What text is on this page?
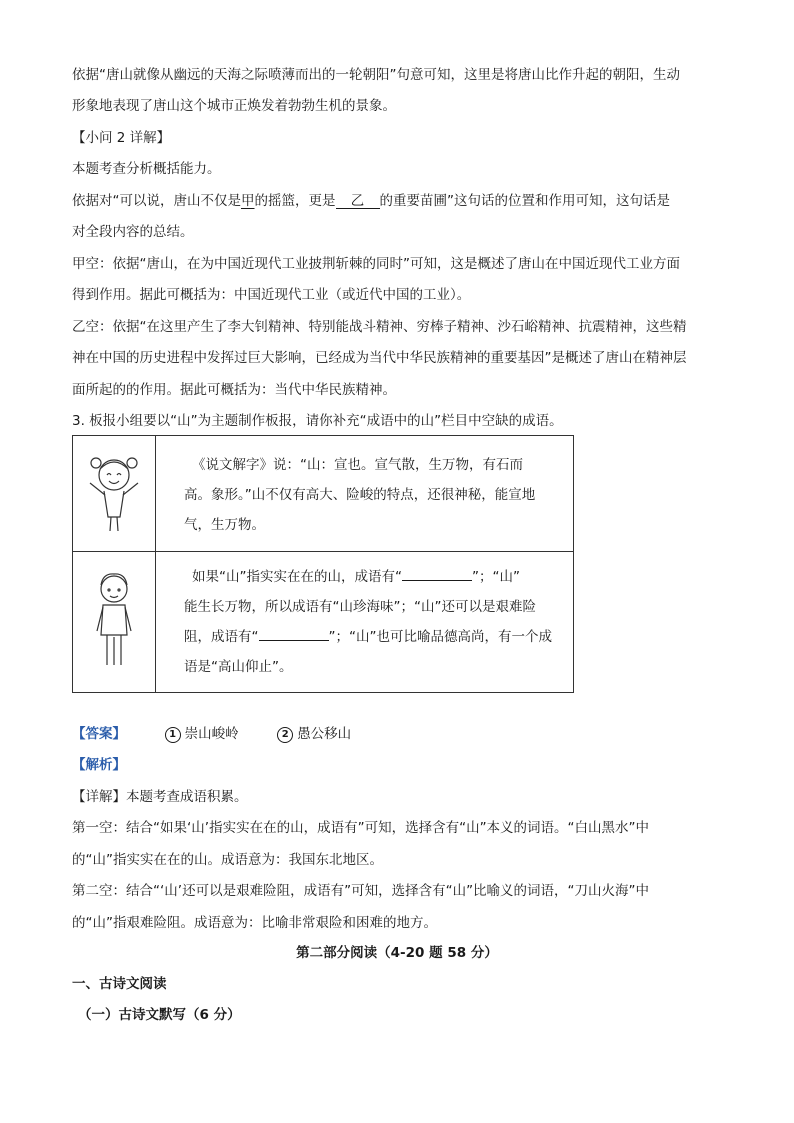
依据“唐山就像从幽远的天海之际喷薄而出的一轮朝阳”句意可知，这里是将唐山比作升起的朝阳，生动
形象地表现了唐山这个城市正焕发着勃勃生机的景象。
【小问 2 详解】
本题考查分析概括能力。
依据对“可以说，唐山不仅是甲的摇篮，更是 乙 的重要苗圃”这句话的位置和作用可知，这句话是
对全段内容的总结。
甲空：依据“唐山，在为中国近现代工业披荆斩棘的同时”可知，这是概述了唐山在中国近现代工业方面
得到作用。据此可概括为：中国近现代工业（或近代中国的工业）。
乙空：依据“在这里产生了李大钊精神、特别能战斗精神、穷棒子精神、沙石峪精神、抗震精神，这些精
神在中国的历史进程中发挥过巨大影响，已经成为当代中华民族精神的重要基因”是概述了唐山在精神层
面所起的的作用。据此可概括为：当代中华民族精神。
3. 板报小组要以“山”为主题制作板报，请你补充“成语中的山”栏目中空缺的成语。

《说文解字》说：“山：宣也。宣气散，生万物，有石而
高。象形。”山不仅有高大、险峻的特点，还很神秘，能宣地
气，生万物。

如果“山”指实实在在的山，成语有“ ”；“山”
能生长万物，所以成语有“山珍海味”；“山”还可以是艰难险
阻，成语有“ ”；“山”也可比喻品德高尚，有一个成
语是“高山仰止”。
【答案】	1 崇山峻岭	2 愚公移山
【解析】
【详解】本题考查成语积累。
第一空：结合“如果‘山’指实实在在的山，成语有”可知，选择含有“山”本义的词语。“白山黑水”中
的“山”指实实在在的山。成语意为：我国东北地区。
第二空：结合“‘山’还可以是艰难险阻，成语有”可知，选择含有“山”比喻义的词语，“刀山火海”中
的“山”指艰难险阻。成语意为：比喻非常艰险和困难的地方。
第二部分阅读（4-20 题 58 分）
一、古诗文阅读
（一）古诗文默写（6 分）
